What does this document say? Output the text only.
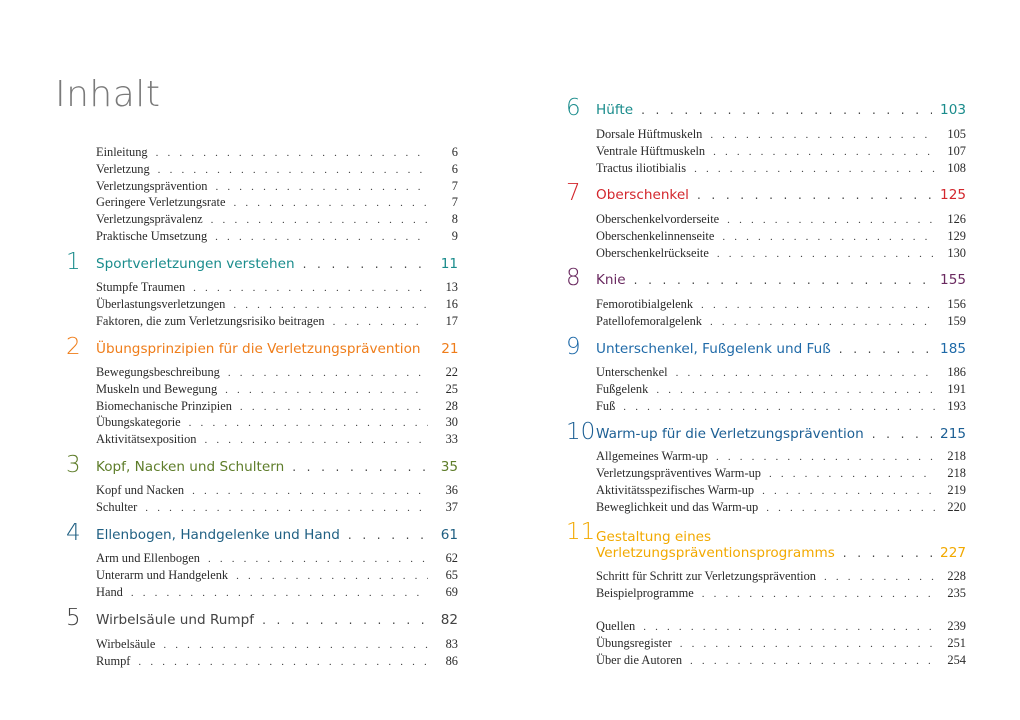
Inhalt
Einleitung . . .	6
Verletzung . . .	6
Verletzungsprävention . . .	7
Geringere Verletzungsrate . . .	7
Verletzungsprävalenz . . .	8
Praktische Umsetzung . . .	9
1 Sportverletzungen verstehen . . .	11
Stumpfe Traumen . . .	13
Überlastungsverletzungen . . .	16
Faktoren, die zum Verletzungsrisiko beitragen . . .	17
2 Übungsprinzipien für die Verletzungsprävention	21
Bewegungsbeschreibung . . .	22
Muskeln und Bewegung . . .	25
Biomechanische Prinzipien . . .	28
Übungskategorie . . .	30
Aktivitätsexposition . . .	33
3 Kopf, Nacken und Schultern . . .	35
Kopf und Nacken . . .	36
Schulter . . .	37
4 Ellenbogen, Handgelenke und Hand . . .	61
Arm und Ellenbogen . . .	62
Unterarm und Handgelenk . . .	65
Hand . . .	69
5 Wirbelsäule und Rumpf . . .	82
Wirbelsäule . . .	83
Rumpf . . .	86
6 Hüfte . . .	103
Dorsale Hüftmuskeln . . .	105
Ventrale Hüftmuskeln . . .	107
Tractus iliotibialis . . .	108
7 Oberschenkel . . .	125
Oberschenkelvorderseite . . .	126
Oberschenkelinnenseite . . .	129
Oberschenkelrückseite . . .	130
8 Knie . . .	155
Femorotibialgelenk . . .	156
Patellofemoralgelenk . . .	159
9 Unterschenkel, Fußgelenk und Fuß . . .	185
Unterschenkel . . .	186
Fußgelenk . . .	191
Fuß . . .	193
10 Warm-up für die Verletzungsprävention . . .	215
Allgemeines Warm-up . . .	218
Verletzungspräventives Warm-up . . .	218
Aktivitätsspezifisches Warm-up . . .	219
Beweglichkeit und das Warm-up . . .	220
11 Gestaltung eines
Verletzungspräventionsprogramms . . .	227
Schritt für Schritt zur Verletzungsprävention . . .	228
Beispielprogramme . . .	235
Quellen . . .	239
Übungsregister . . .	251
Über die Autoren . . .	254
